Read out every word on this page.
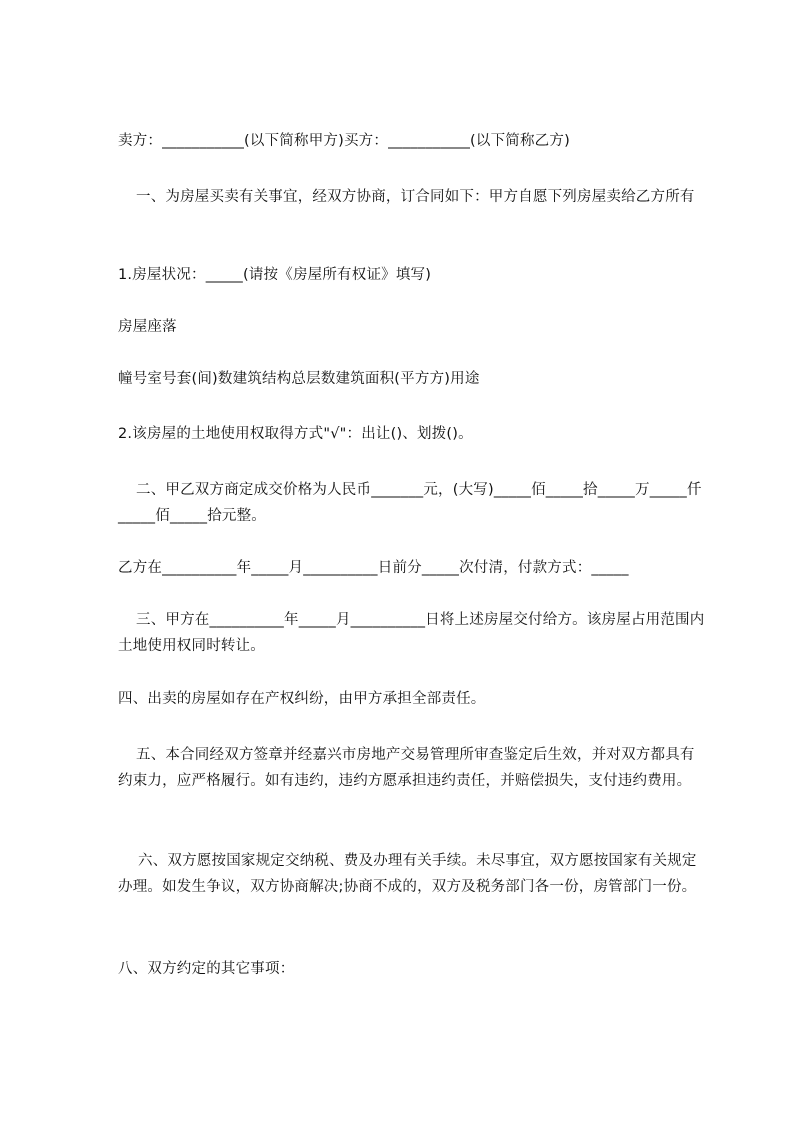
卖方：___________(以下简称甲方)买方：___________(以下简称乙方)
一、为房屋买卖有关事宜，经双方协商，订合同如下：甲方自愿下列房屋卖给乙方所有
1.房屋状况：_____(请按《房屋所有权证》填写)
房屋座落
幢号室号套(间)数建筑结构总层数建筑面积(平方方)用途
2.该房屋的土地使用权取得方式"√"：出让()、划拨()。
二、甲乙双方商定成交价格为人民币_______元，(大写)_____佰_____拾_____万_____仟_____佰_____拾元整。
乙方在__________年_____月__________日前分_____次付清，付款方式：_____
三、甲方在__________年_____月__________日将上述房屋交付给方。该房屋占用范围内土地使用权同时转让。
四、出卖的房屋如存在产权纠纷，由甲方承担全部责任。
五、本合同经双方签章并经嘉兴市房地产交易管理所审查鉴定后生效，并对双方都具有约束力，应严格履行。如有违约，违约方愿承担违约责任，并赔偿损失，支付违约费用。
六、双方愿按国家规定交纳税、费及办理有关手续。未尽事宜，双方愿按国家有关规定办理。如发生争议，双方协商解决;协商不成的，双方及税务部门各一份，房管部门一份。
八、双方约定的其它事项：
